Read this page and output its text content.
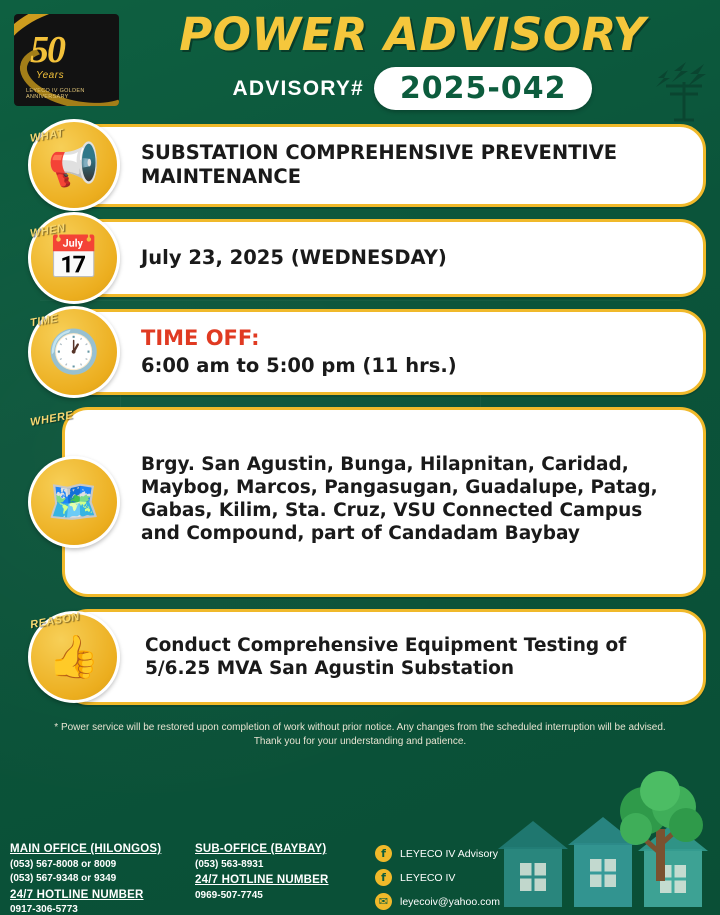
50
Years
LEYECO IV GOLDEN ANNIVERSARY
POWER ADVISORY
ADVISORY#	2025-042
WHAT
📢 SUBSTATION COMPREHENSIVE PREVENTIVE MAINTENANCE
WHEN
📅 July 23, 2025 (WEDNESDAY)
TIME
🕐 TIME OFF:
6:00 am to 5:00 pm (11 hrs.)
WHERE
🗺️
Brgy. San Agustin, Bunga, Hilapnitan, Caridad, Maybog, Marcos, Pangasugan, Guadalupe, Patag, Gabas, Kilim, Sta. Cruz, VSU Connected Campus and Compound, part of Candadam Baybay
REASON
👍 Conduct Comprehensive Equipment Testing of 5/6.25 MVA San Agustin Substation
* Power service will be restored upon completion of work without prior notice. Any changes from the scheduled interruption will be advised. Thank you for your understanding and patience.
MAIN OFFICE (HILONGOS)
(053) 567-8008 or 8009
(053) 567-9348 or 9349
24/7 HOTLINE NUMBER
0917-306-5773
SUB-OFFICE (BAYBAY)
(053) 563-8931
24/7 HOTLINE NUMBER
0969-507-7745
f	LEYECO IV Advisory
f	LEYECO IV
✉	leyecoiv@yahoo.com
